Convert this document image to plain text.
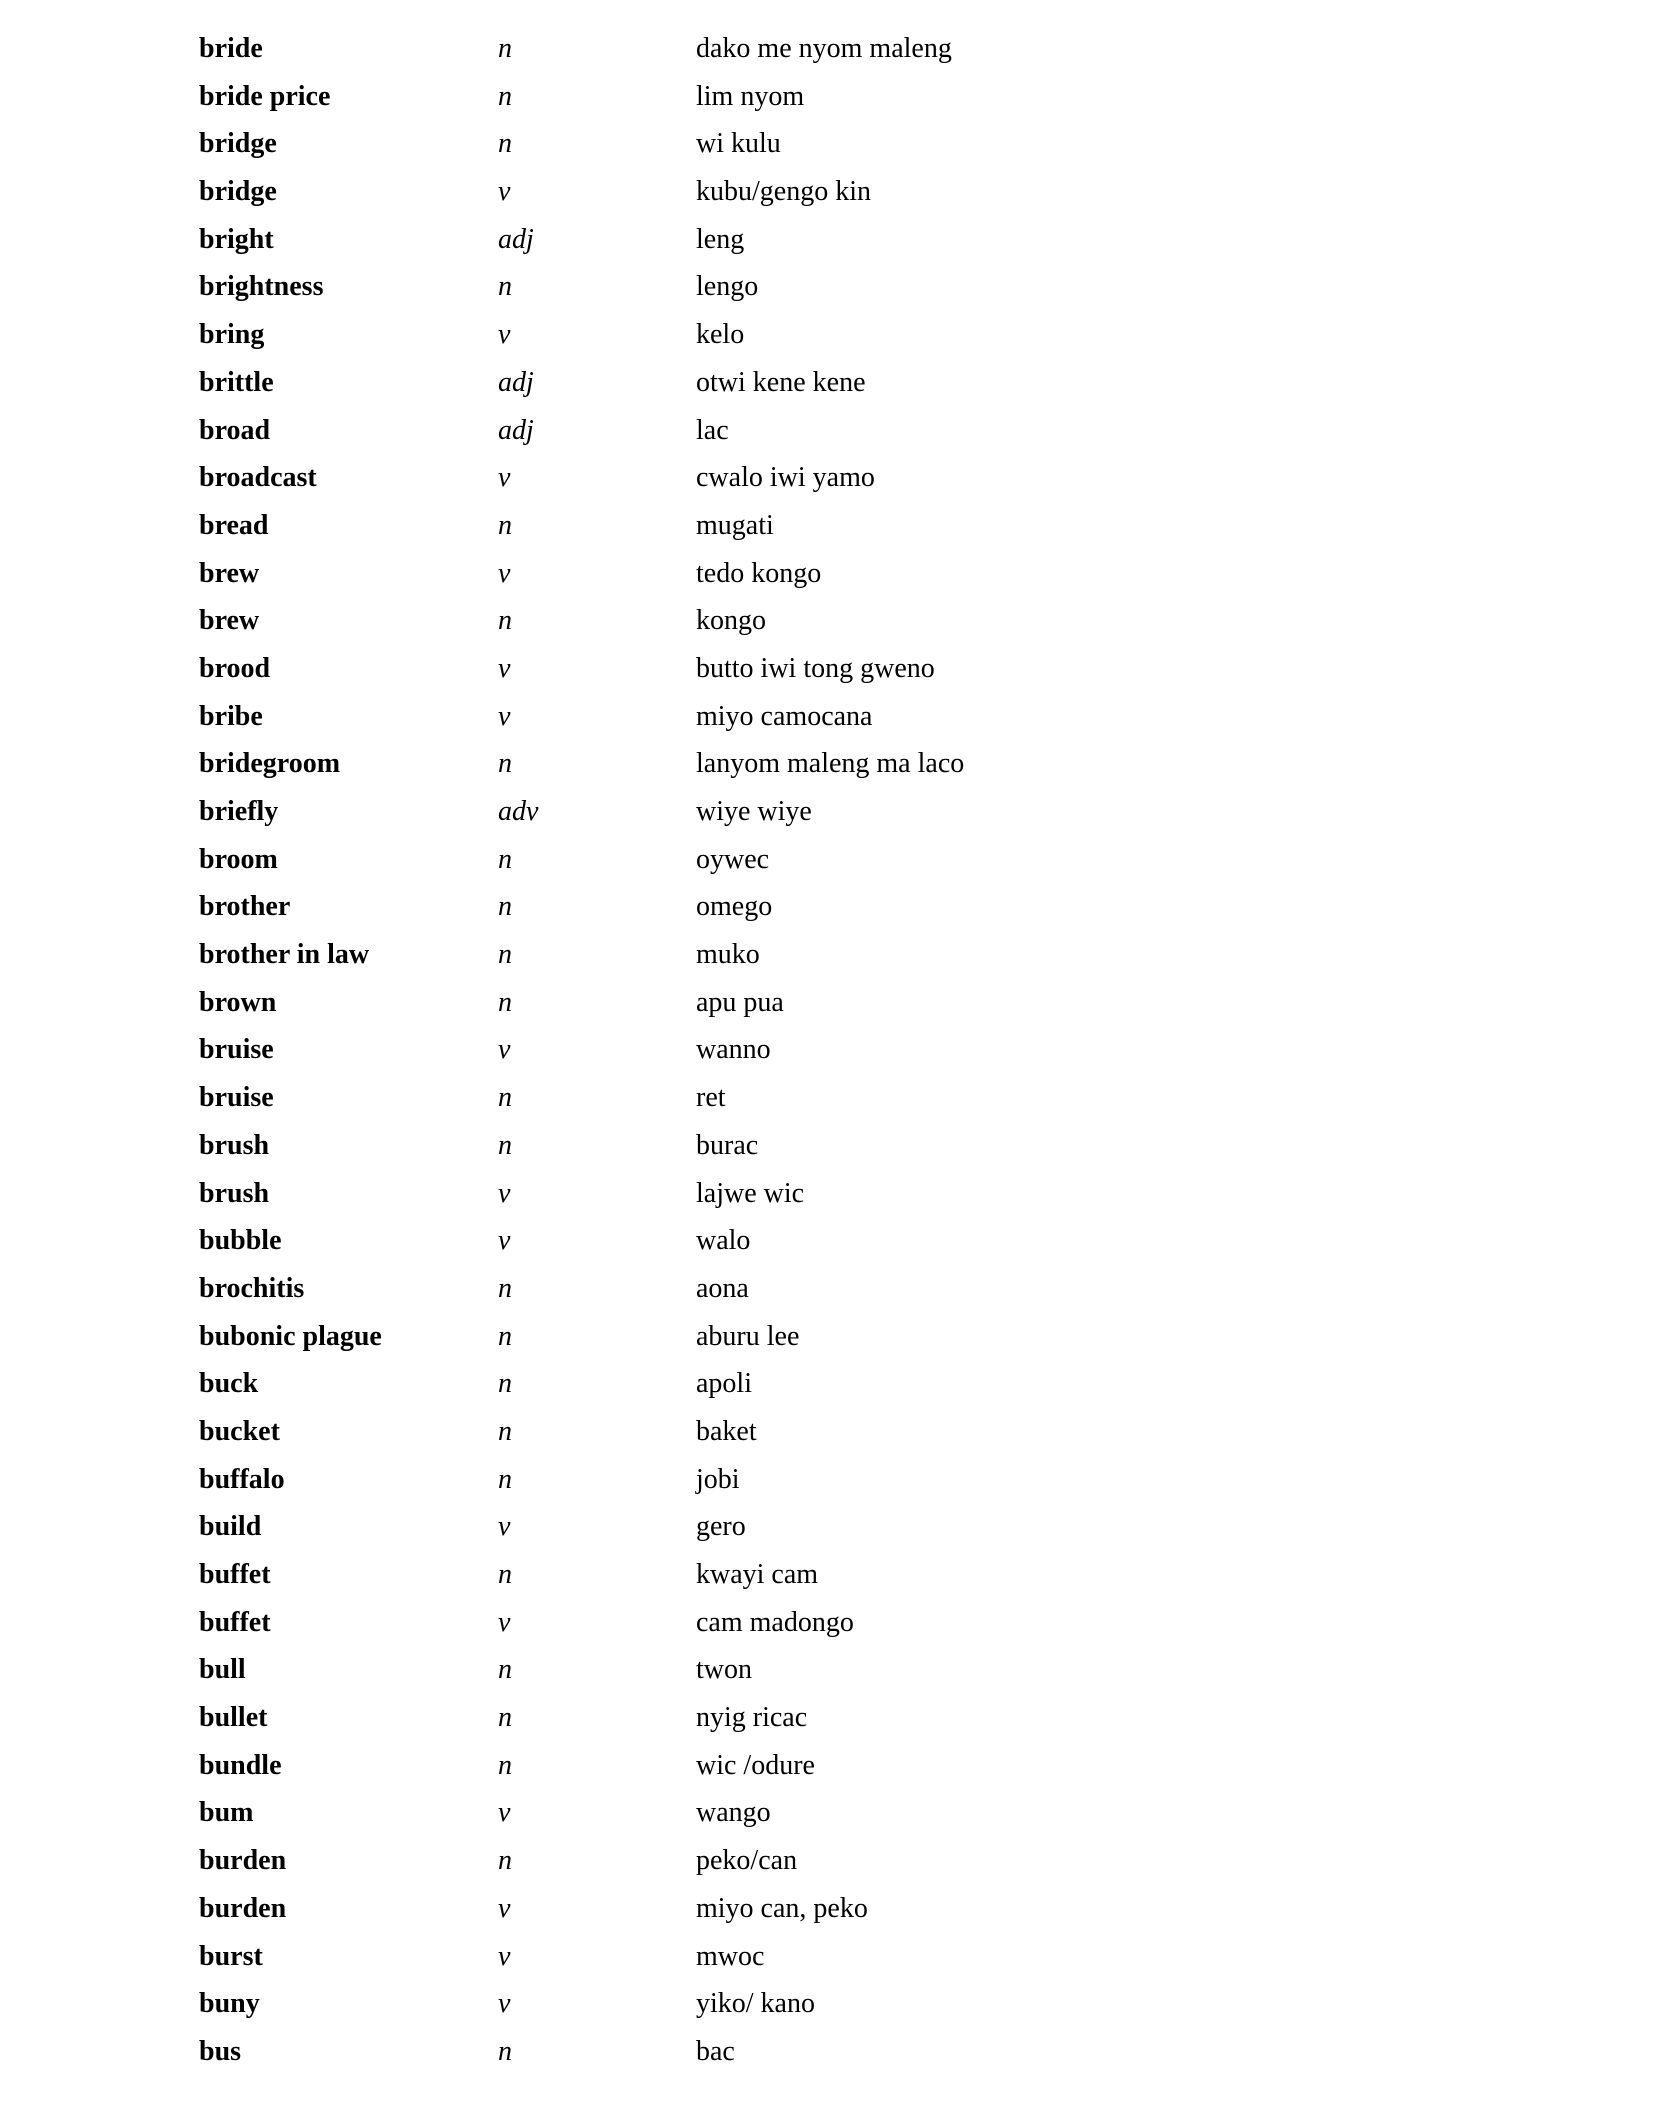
bride	n	dako me nyom maleng
bride price	n	lim nyom
bridge	n	wi kulu
bridge	v	kubu/gengo kin
bright	adj	leng
brightness	n	lengo
bring	v	kelo
brittle	adj	otwi kene kene
broad	adj	lac
broadcast	v	cwalo iwi yamo
bread	n	mugati
brew	v	tedo kongo
brew	n	kongo
brood	v	butto iwi tong gweno
bribe	v	miyo camocana
bridegroom	n	lanyom maleng ma laco
briefly	adv	wiye wiye
broom	n	oywec
brother	n	omego
brother in law	n	muko
brown	n	apu pua
bruise	v	wanno
bruise	n	ret
brush	n	burac
brush	v	lajwe wic
bubble	v	walo
brochitis	n	aona
bubonic plague	n	aburu lee
buck	n	apoli
bucket	n	baket
buffalo	n	jobi
build	v	gero
buffet	n	kwayi cam
buffet	v	cam madongo
bull	n	twon
bullet	n	nyig ricac
bundle	n	wic /odure
bum	v	wango
burden	n	peko/can
burden	v	miyo can, peko
burst	v	mwoc
buny	v	yiko/ kano
bus	n	bac
